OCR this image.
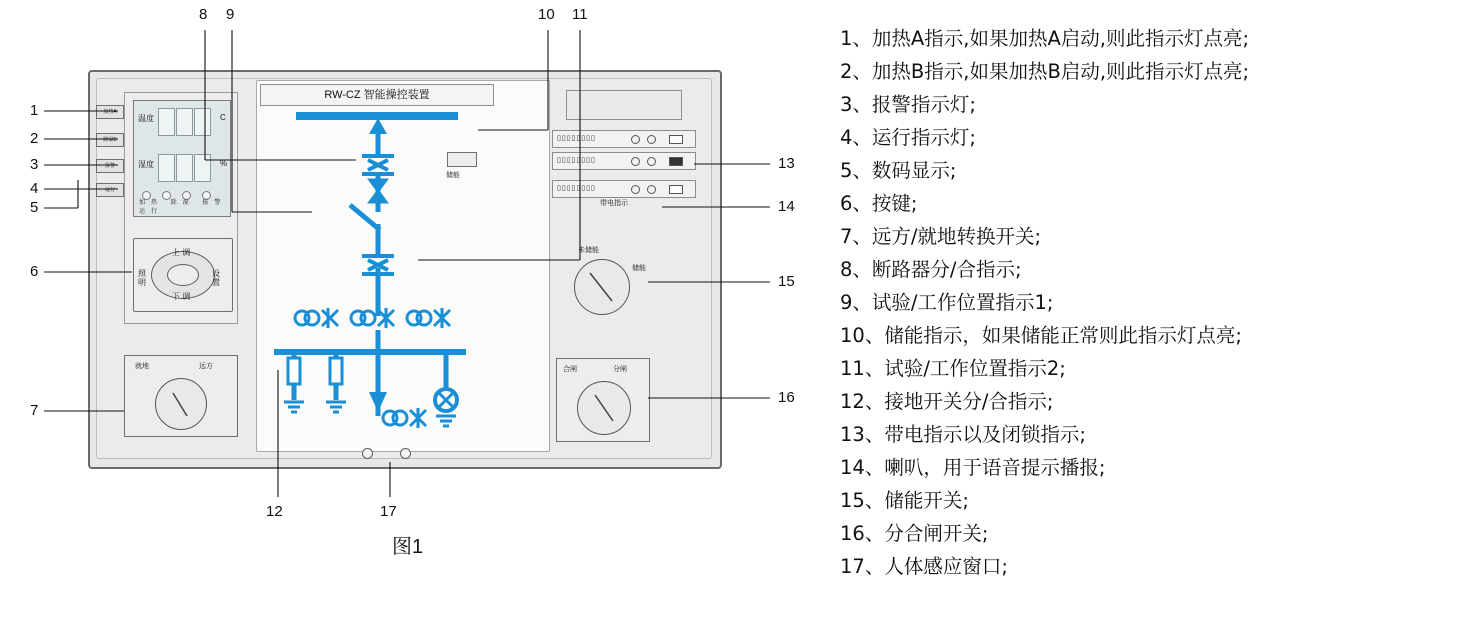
温度
湿度
C
%
加热 除湿 报警 运行
加热A
除湿B
报警
运行
上 调
下 调
照 明
设 置
就地	远方
RW-CZ 智能操控装置
储能
▯▯▯▯▯▯▯▯
▯▯▯▯▯▯▯▯
▯▯▯▯▯▯▯▯
带电指示
未储能
储能
合闸	分闸
1
2
3
4
5
6
7
8 9	10 11
12
13
14
15
16
17
图1
1、加热A指示,如果加热A启动,则此指示灯点亮;
2、加热B指示,如果加热B启动,则此指示灯点亮;
3、报警指示灯;
4、运行指示灯;
5、数码显示;
6、按键;
7、远方/就地转换开关;
8、断路器分/合指示;
9、试验/工作位置指示1;
10、储能指示，如果储能正常则此指示灯点亮;
11、试验/工作位置指示2;
12、接地开关分/合指示;
13、带电指示以及闭锁指示;
14、喇叭，用于语音提示播报;
15、储能开关;
16、分合闸开关;
17、人体感应窗口;
